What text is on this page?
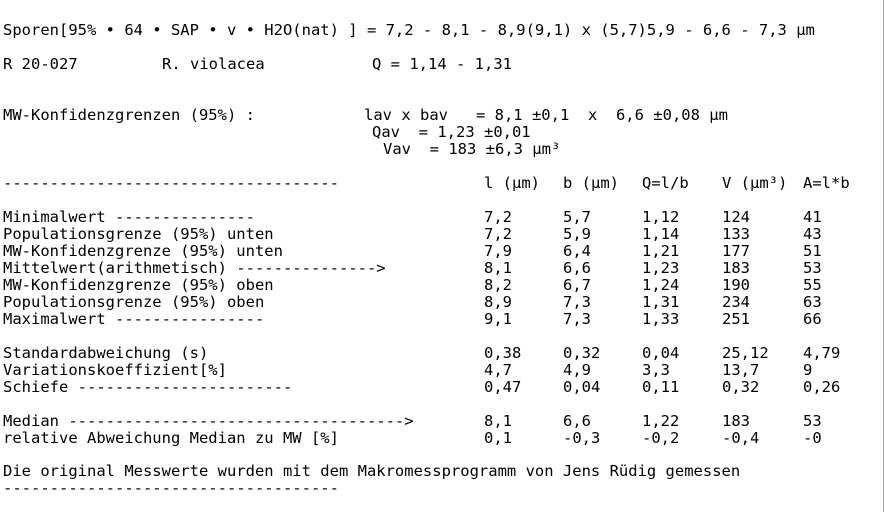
Sporen[95% • 64 • SAP • v • H2O(nat) ] = 7,2 - 8,1 - 8,9(9,1) x (5,7)5,9 - 6,6 - 7,3 µm
R 20-027	R. violacea	Q = 1,14 - 1,31
MW-Konfidenzgrenzen (95%) :	lav x bav   = 8,1 ±0,1  x  6,6 ±0,08 µm
Qav  = 1,23 ±0,01
Vav  = 183 ±6,3 µm³
------------------------------------	l (µm) b (µm) Q=l/b V (µm³) A=l*b
Minimalwert ---------------	7,2	5,7	1,12	124	41
Populationsgrenze (95%) unten	7,2	5,9	1,14	133	43
MW-Konfidenzgrenze (95%) unten	7,9	6,4	1,21	177	51
Mittelwert(arithmetisch) --------------->	8,1	6,6	1,23	183	53
MW-Konfidenzgrenze (95%) oben	8,2	6,7	1,24	190	55
Populationsgrenze (95%) oben	8,9	7,3	1,31	234	63
Maximalwert ----------------	9,1	7,3	1,33	251	66
Standardabweichung (s)	0,38	0,32	0,04	25,12 4,79
Variationskoeffizient[%]	4,7	4,9	3,3	13,7	9
Schiefe -----------------------	0,47	0,04	0,11	0,32	0,26
Median ------------------------------------>	8,1	6,6	1,22	183	53
relative Abweichung Median zu MW [%]	0,1	-0,3	-0,2	-0,4	-0
Die original Messwerte wurden mit dem Makromessprogramm von Jens Rüdig gemessen
------------------------------------
